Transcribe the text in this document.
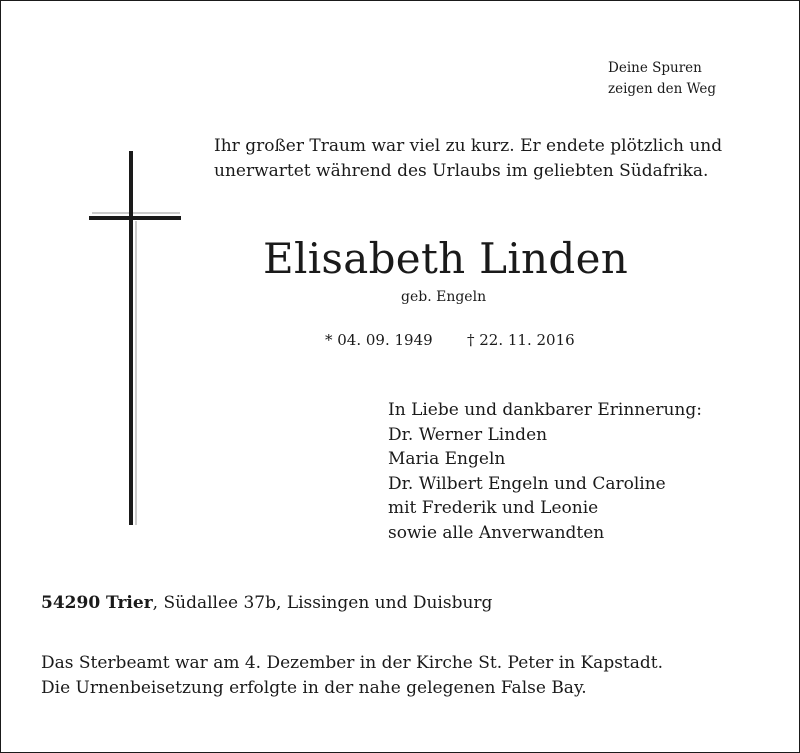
Deine Spuren
zeigen den Weg
Ihr großer Traum war viel zu kurz. Er endete plötzlich und
unerwartet während des Urlaubs im geliebten Südafrika.
Elisabeth Linden
geb. Engeln
* 04. 09. 1949 † 22. 11. 2016
In Liebe und dankbarer Erinnerung:
Dr. Werner Linden
Maria Engeln
Dr. Wilbert Engeln und Caroline
mit Frederik und Leonie
sowie alle Anverwandten
54290 Trier, Südallee 37b, Lissingen und Duisburg
Das Sterbeamt war am 4. Dezember in der Kirche St. Peter in Kapstadt.
Die Urnenbeisetzung erfolgte in der nahe gelegenen False Bay.
